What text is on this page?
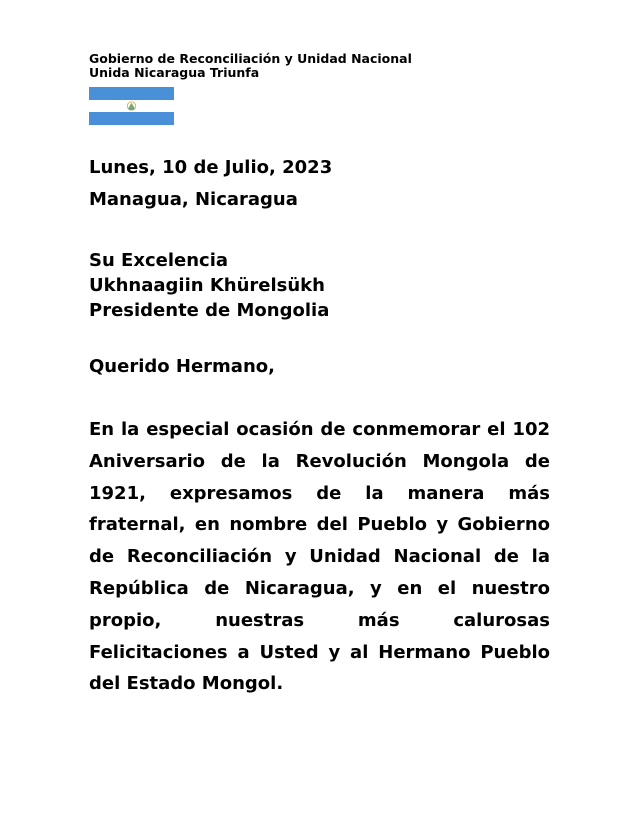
Gobierno de Reconciliación y Unidad Nacional
Unida Nicaragua Triunfa
Lunes, 10 de Julio, 2023
Managua, Nicaragua
Su Excelencia
Ukhnaagiin Khürelsükh
Presidente de Mongolia
Querido Hermano,

En la especial ocasión de conmemorar el 102 Aniversario de la Revolución Mongola de 1921, expresamos de la manera más fraternal, en nombre del Pueblo y Gobierno de Reconciliación y Unidad Nacional de la República de Nicaragua, y en el nuestro propio, nuestras más calurosas Felicitaciones a Usted y al Hermano Pueblo del Estado Mongol.
